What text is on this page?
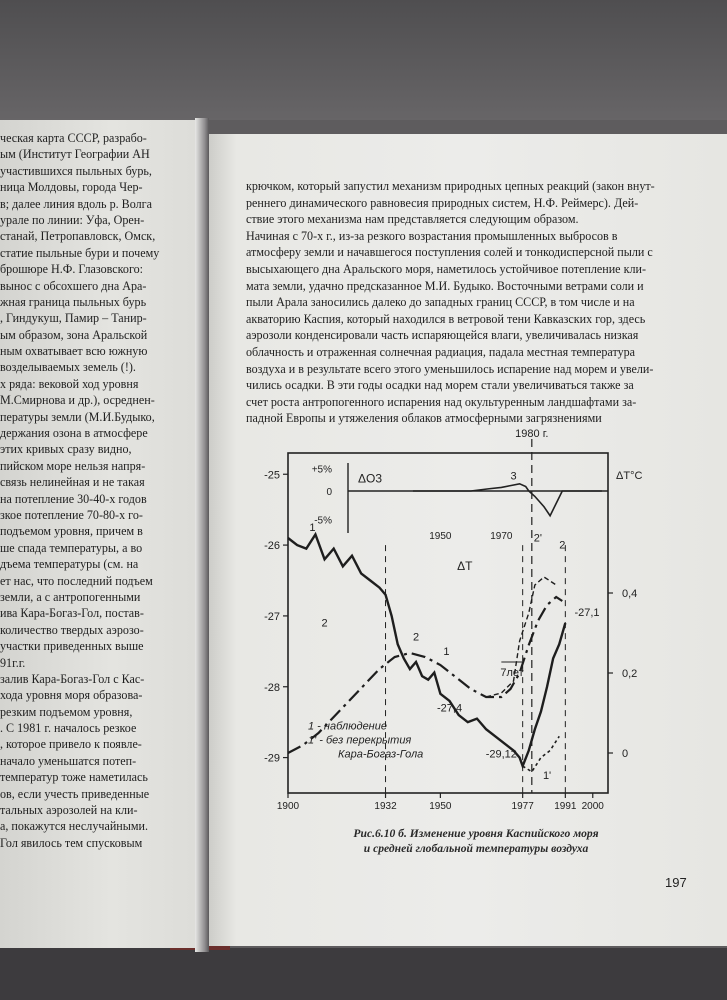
ческая карта СССР, разрабо-
ым (Институт Географии АН
участившихся пыльных бурь,
ница Молдовы, города Чер-
в; далее линия вдоль р. Волга
урале по линии: Уфа, Орен-
станай, Петропавловск, Омск,
статие пыльные бури и почему
брошюре Н.Ф. Глазовского:
вынос с обсохшего дна Ара-
жная граница пыльных бурь
, Гиндукуш, Памир – Танир-
ым образом, зона Аральской
ным охватывает всю южную
возделываемых земель (!).
х ряда: вековой ход уровня
М.Смирнова и др.), осреднен-
пературы земли (М.И.Будыко,
держания озона в атмосфере
этих кривых сразу видно,
пийском море нельзя напря-
связь нелинейная и не такая
на потепление 30-40-х годов
зкое потепление 70-80-х го-
подъемом уровня, причем в
ше спада температуры, а во
дъема температуры (см. на
ет нас, что последний подъем
земли, а с антропогенными
ива Кара-Богаз-Гол, постав-
количество твердых аэрозо-
участки приведенных выше
91г.г.
залив Кара-Богаз-Гол с Кас-
хода уровня моря образова-
резким подъемом уровня,
. С 1981 г. началось резкое
, которое привело к появле-
начало уменьшатся потеп-
температур тоже наметилась
ов, если учесть приведенные
тальных аэрозолей на кли-
а, покажутся неслучайными.
Гол явилось тем спусковым
крючком, который запустил механизм природных цепных реакций (закон внут-
реннего динамического равновесия природных систем, Н.Ф. Реймерс). Дей-
ствие этого механизма нам представляется следующим образом.
Начиная с 70-х г., из-за резкого возрастания промышленных выбросов в
атмосферу земли и начавшегося поступления солей и тонкодисперсной пыли с
высыхающего дна Аральского моря, наметилось устойчивое потепление кли-
мата земли, удачно предсказанное М.И. Будыко. Восточными ветрами соли и
пыли Арала заносились далеко до западных границ СССР, в том числе и на
акваторию Каспия, который находился в ветровой тени Кавказских гор, здесь
аэрозоли конденсировали часть испаряющейся влаги, увеличивалась низкая
облачность и отраженная солнечная радиация, падала местная температура
воздуха и в результате всего этого уменьшилось испарение над морем и увели-
чились осадки. В эти годы осадки над морем стали увеличиваться также за
счет роста антропогенного испарения над окультуренным ландшафтами за-
падной Европы и утяжеления облаков атмосферными загрязнениями
+5%
0
-5%
ΔO3
1950	1970
3
1980 г.
-25
-26
-27
-28
-29
ΔT°C
0,4
0,2
0
1900	1932	1950	1977 1991 2000
ΔT
1
1
1'
2
2
2
2'
7лет
-27,1
-29,12
-27,4
1 - наблюдение
1' - без перекрытия
Кара-Богаз-Гола
Рис.6.10 б. Изменение уровня Каспийского моря
и средней глобальной температуры воздуха
197
